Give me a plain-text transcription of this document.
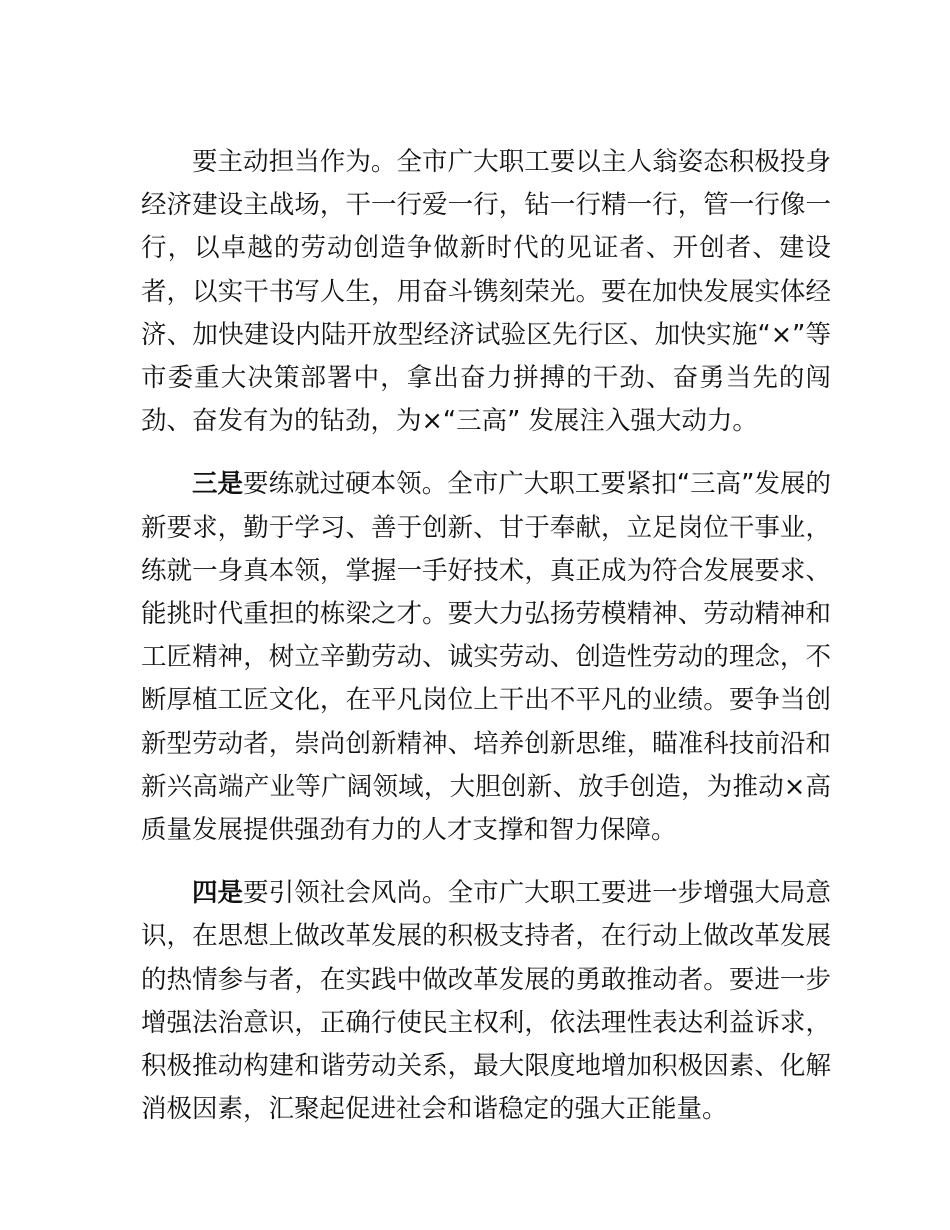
要主动担当作为。全市广大职工要以主人翁姿态积极投身经济建设主战场，干一行爱一行，钻一行精一行，管一行像一行，以卓越的劳动创造争做新时代的见证者、开创者、建设者，以实干书写人生，用奋斗镌刻荣光。要在加快发展实体经济、加快建设内陆开放型经济试验区先行区、加快实施“×”等市委重大决策部署中，拿出奋力拼搏的干劲、奋勇当先的闯劲、奋发有为的钻劲，为×“三高” 发展注入强大动力。

三是要练就过硬本领。全市广大职工要紧扣“三高”发展的新要求，勤于学习、善于创新、甘于奉献，立足岗位干事业，练就一身真本领，掌握一手好技术，真正成为符合发展要求、能挑时代重担的栋梁之才。要大力弘扬劳模精神、劳动精神和工匠精神，树立辛勤劳动、诚实劳动、创造性劳动的理念，不断厚植工匠文化，在平凡岗位上干出不平凡的业绩。要争当创新型劳动者，崇尚创新精神、培养创新思维，瞄准科技前沿和新兴高端产业等广阔领域，大胆创新、放手创造，为推动×高质量发展提供强劲有力的人才支撑和智力保障。

四是要引领社会风尚。全市广大职工要进一步增强大局意识，在思想上做改革发展的积极支持者，在行动上做改革发展的热情参与者，在实践中做改革发展的勇敢推动者。要进一步增强法治意识，正确行使民主权利，依法理性表达利益诉求，积极推动构建和谐劳动关系，最大限度地增加积极因素、化解消极因素，汇聚起促进社会和谐稳定的强大正能量。
